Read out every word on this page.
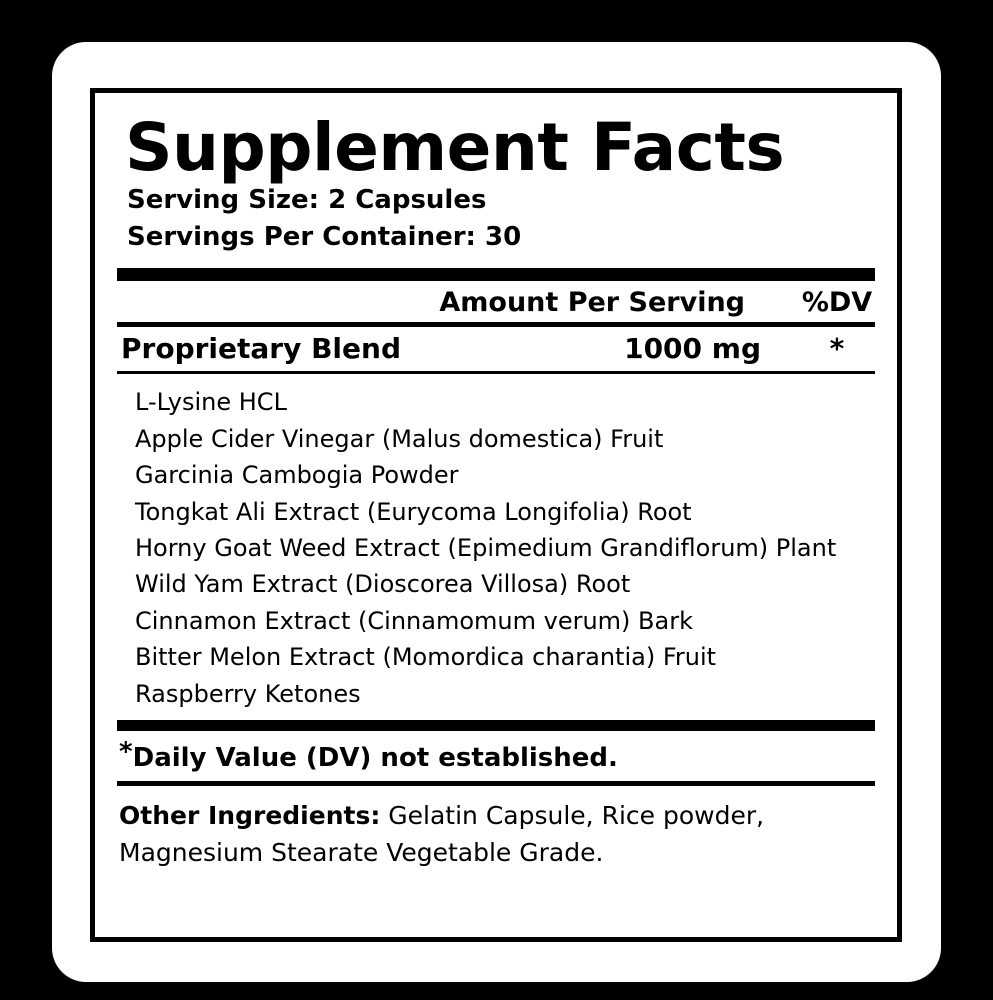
Supplement Facts
Serving Size: 2 Capsules
Servings Per Container: 30
Amount Per Serving %DV
Proprietary Blend	1000 mg	*
L-Lysine HCL
Apple Cider Vinegar (Malus domestica) Fruit
Garcinia Cambogia Powder
Tongkat Ali Extract (Eurycoma Longifolia) Root
Horny Goat Weed Extract (Epimedium Grandiflorum) Plant
Wild Yam Extract (Dioscorea Villosa) Root
Cinnamon Extract (Cinnamomum verum) Bark
Bitter Melon Extract (Momordica charantia) Fruit
Raspberry Ketones
*Daily Value (DV) not established.
Other Ingredients: Gelatin Capsule, Rice powder, Magnesium Stearate Vegetable Grade.
